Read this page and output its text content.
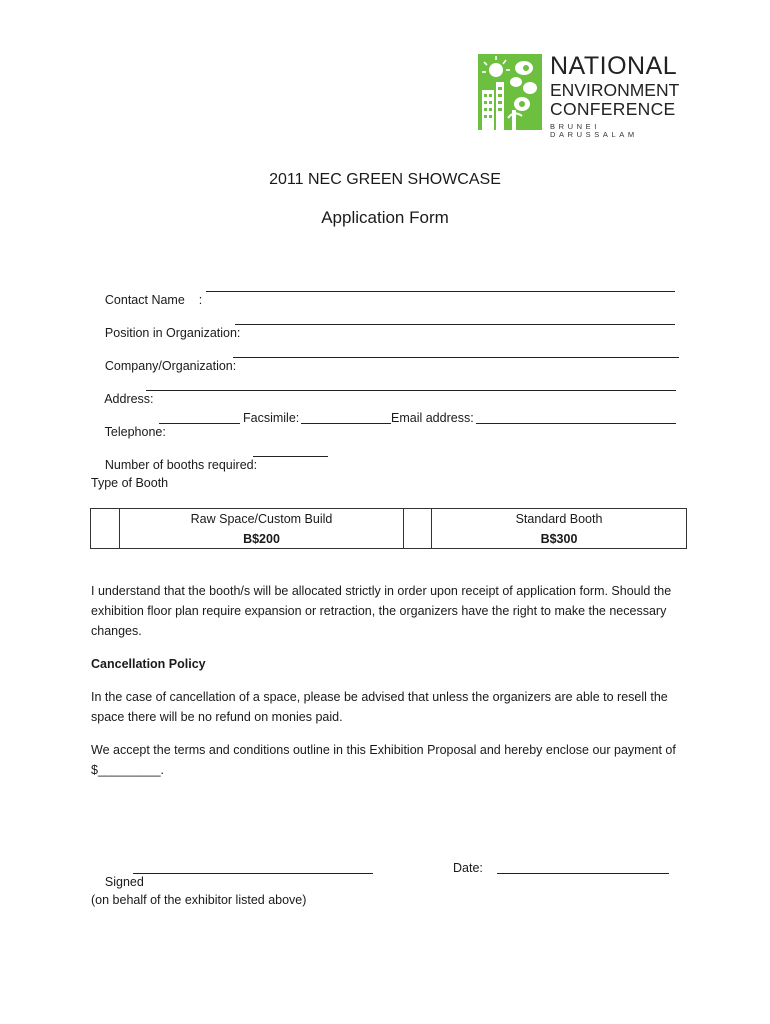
NATIONAL
ENVIRONMENT
CONFERENCE
BRUNEI DARUSSALAM
2011 NEC GREEN SHOWCASE
Application Form

Contact Name    :

Position in Organization:

Company/Organization:

Address:

Telephone:

Facsimile:

	Email address:

Number of booths required:

Type of Booth
Raw Space/Custom Build
B$200
Standard Booth
B$300
I understand that the booth/s will be allocated strictly in order upon receipt of application form. Should the exhibition floor plan require expansion or retraction, the organizers have the right to make the necessary changes.
Cancellation Policy
In the case of cancellation of a space, please be advised that unless the organizers are able to resell the space there will be no refund on monies paid.
We accept the terms and conditions outline in this Exhibition Proposal and hereby enclose our payment of $_________.

Signed

Date:

(on behalf of the exhibitor listed above)
